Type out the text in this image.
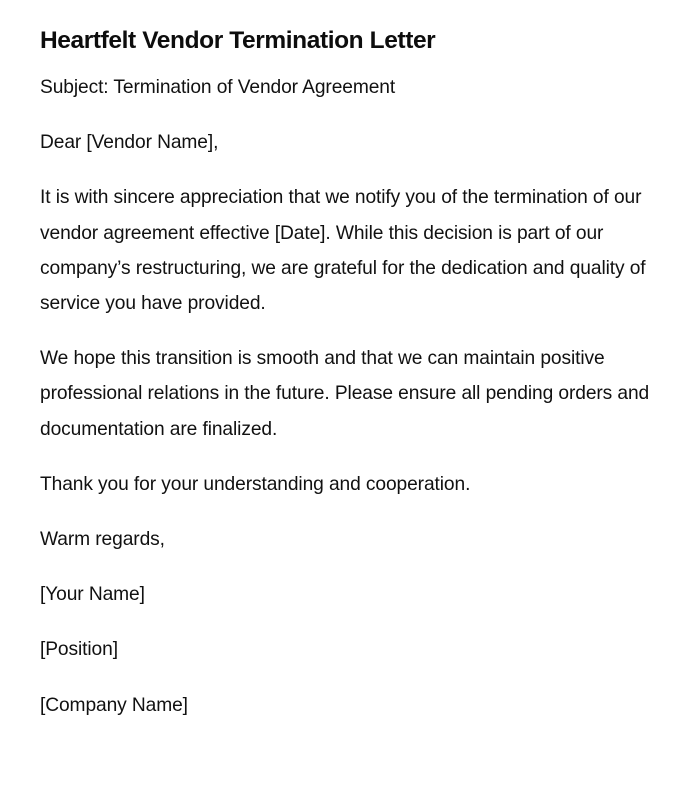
Heartfelt Vendor Termination Letter

Subject: Termination of Vendor Agreement

Dear [Vendor Name],

It is with sincere appreciation that we notify you of the termination of our vendor agreement effective [Date]. While this decision is part of our company’s restructuring, we are grateful for the dedication and quality of service you have provided.

We hope this transition is smooth and that we can maintain positive professional relations in the future. Please ensure all pending orders and documentation are finalized.

Thank you for your understanding and cooperation.

Warm regards,

[Your Name]

[Position]

[Company Name]
